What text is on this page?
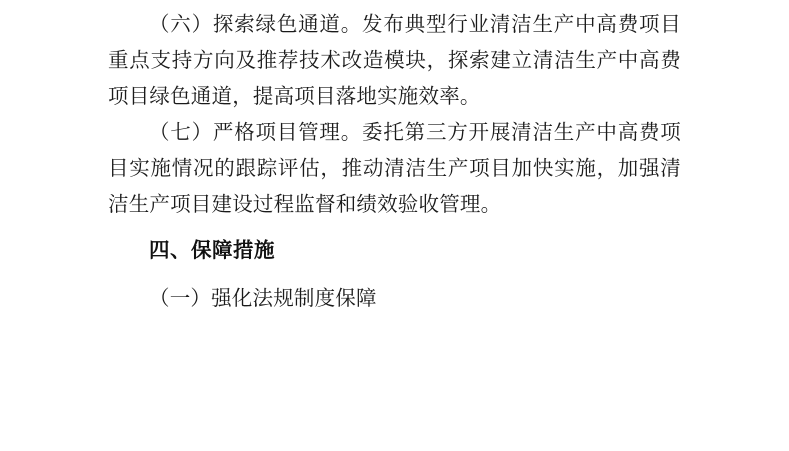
（六）探索绿色通道。发布典型行业清洁生产中高费项目重点支持方向及推荐技术改造模块，探索建立清洁生产中高费项目绿色通道，提高项目落地实施效率。

（七）严格项目管理。委托第三方开展清洁生产中高费项目实施情况的跟踪评估，推动清洁生产项目加快实施，加强清洁生产项目建设过程监督和绩效验收管理。

四、保障措施

（一）强化法规制度保障
